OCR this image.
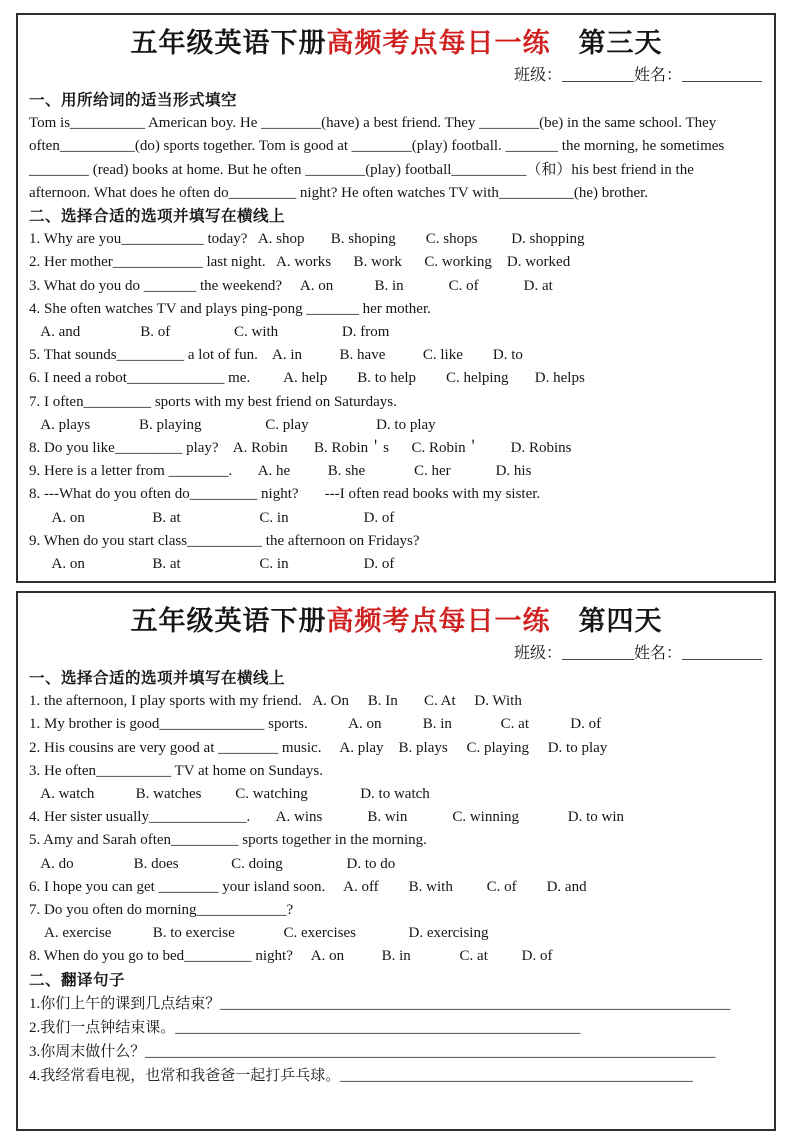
五年级英语下册高频考点每日一练　第三天
班级：_________姓名：__________

一、用所给词的适当形式填空

Tom is__________ American boy. He ________(have) a best friend. They ________(be) in the same school. They

often__________(do) sports together. Tom is good at ________(play) football. _______ the morning, he sometimes

________ (read) books at home. But he often ________(play) football__________（和）his best friend in the

afternoon. What does he often do_________ night? He often watches TV with__________(he) brother.

二、选择合适的选项并填写在横线上

1. Why are you___________ today?   A. shop       B. shoping        C. shops         D. shopping

2. Her mother____________ last night.   A. works      B. work      C. working    D. worked

3. What do you do _______ the weekend?     A. on           B. in            C. of            D. at

4. She often watches TV and plays ping-pong _______ her mother.

A. and                B. of                 C. with                 D. from

5. That sounds_________ a lot of fun.    A. in          B. have          C. like        D. to

6. I need a robot_____________ me.         A. help        B. to help        C. helping       D. helps

7. I often_________ sports with my best friend on Saturdays.

A. plays             B. playing                 C. play                  D. to play

8. Do you like_________ play?    A. Robin       B. Robin＇s      C. Robin＇        D. Robins

9. Here is a letter from ________.       A. he          B. she             C. her            D. his

8. ---What do you often do_________ night?       ---I often read books with my sister.

A. on                  B. at                     C. in                    D. of

9. When do you start class__________ the afternoon on Fridays?

A. on                  B. at                     C. in                    D. of

五年级英语下册高频考点每日一练　第四天
班级：_________姓名：__________

一、选择合适的选项并填写在横线上

1. the afternoon, I play sports with my friend.   A. On     B. In       C. At     D. With

1. My brother is good______________ sports.           A. on           B. in             C. at           D. of

2. His cousins are very good at ________ music.     A. play    B. plays     C. playing     D. to play

3. He often__________ TV at home on Sundays.

A. watch           B. watches         C. watching              D. to watch

4. Her sister usually_____________.       A. wins            B. win            C. winning             D. to win

5. Amy and Sarah often_________ sports together in the morning.

A. do                B. does              C. doing                 D. to do

6. I hope you can get ________ your island soon.     A. off        B. with         C. of        D. and

7. Do you often do morning____________?

A. exercise           B. to exercise             C. exercises              D. exercising

8. When do you go to bed_________ night?     A. on          B. in             C. at         D. of

二、翻译句子

1.你们上午的课到几点结束？____________________________________________________________________

2.我们一点钟结束课。______________________________________________________

3.你周末做什么？____________________________________________________________________________

4.我经常看电视，也常和我爸爸一起打乒乓球。_______________________________________________
